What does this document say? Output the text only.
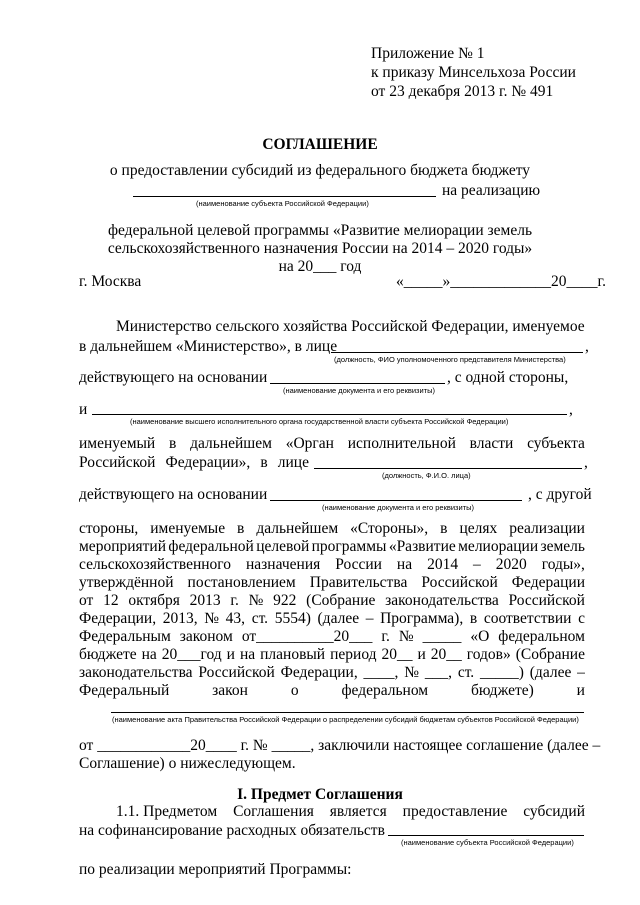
Приложение № 1
к приказу Минсельхоза России
от 23 декабря 2013 г. № 491
СОГЛАШЕНИЕ
о предоставлении субсидий из федерального бюджета бюджету
на реализацию
(наименование субъекта Российской Федерации)
федеральной целевой программы «Развитие мелиорации земель
сельскохозяйственного назначения России на 2014 – 2020 годы»
на 20___ год
г. Москва	«_____»_____________20____г.
Министерство сельского хозяйства Российской Федерации, именуемое
в дальнейшем «Министерство», в лице	,
(должность, ФИО уполномоченного представителя Министерства)
действующего на основании	, с одной стороны,
(наименование документа и его реквизиты)
и	,
(наименование высшего исполнительного органа государственной власти субъекта Российской Федерации)
именуемый в дальнейшем «Орган исполнительной власти субъекта
Российской Федерации», в лице	,
(должность, Ф.И.О. лица)
действующего на основании	, с другой
(наименование документа и его реквизиты)
стороны, именуемые в дальнейшем «Стороны», в целях реализации
мероприятий федеральной целевой программы «Развитие мелиорации земель
сельскохозяйственного назначения России на 2014 – 2020 годы»,
утверждённой постановлением Правительства Российской Федерации
от 12 октября 2013 г. № 922 (Собрание законодательства Российской
Федерации, 2013, № 43, ст. 5554) (далее – Программа), в соответствии с
Федеральным законом от__________20___ г. № _____ «О федеральном
бюджете на 20___год и на плановый период 20__ и 20__ годов» (Собрание
законодательства Российской Федерации, ____, № ___, ст. _____) (далее –
Федеральный	закон	о	федеральном	бюджете)	и
(наименование акта Правительства Российской Федерации о распределении субсидий бюджетам субъектов Российской Федерации)
от ____________20____ г. № _____, заключили настоящее соглашение (далее –
Соглашение) о нижеследующем.
I. Предмет Соглашения
1.1. Предметом Соглашения является предоставление субсидий
на софинансирование расходных обязательств
(наименование субъекта Российской Федерации)
по реализации мероприятий Программы:
